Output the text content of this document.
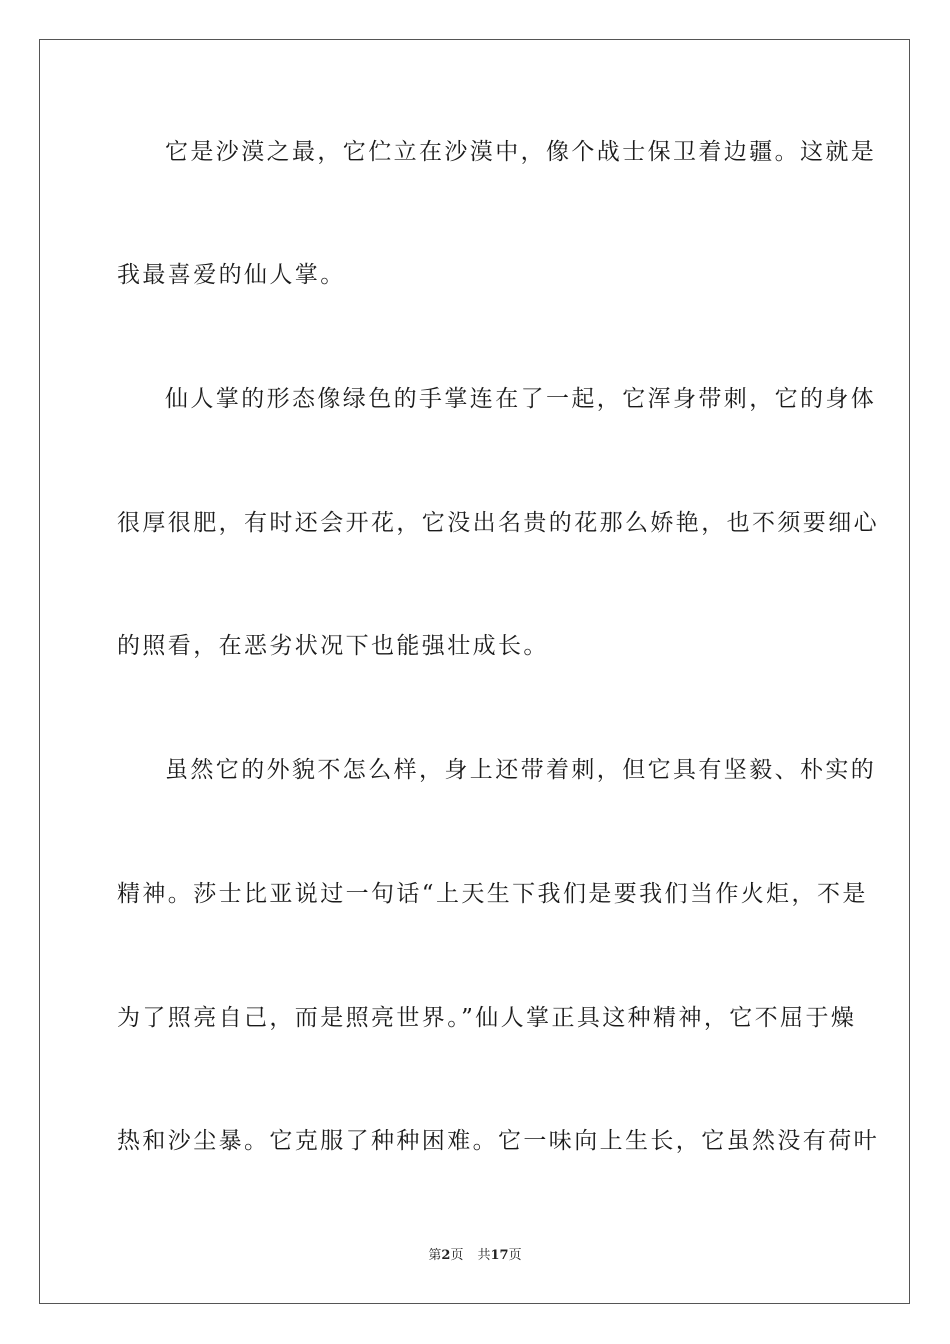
它是沙漠之最，它伫立在沙漠中，像个战士保卫着边疆。这就是

我最喜爱的仙人掌。

仙人掌的形态像绿色的手掌连在了一起，它浑身带刺，它的身体

很厚很肥，有时还会开花，它没出名贵的花那么娇艳，也不须要细心

的照看，在恶劣状况下也能强壮成长。

虽然它的外貌不怎么样，身上还带着刺，但它具有坚毅、朴实的

精神。莎士比亚说过一句话“上天生下我们是要我们当作火炬，不是

为了照亮自己，而是照亮世界。”仙人掌正具这种精神，它不屈于燥

热和沙尘暴。它克服了种种困难。它一味向上生长，它虽然没有荷叶

第2页 共17页
